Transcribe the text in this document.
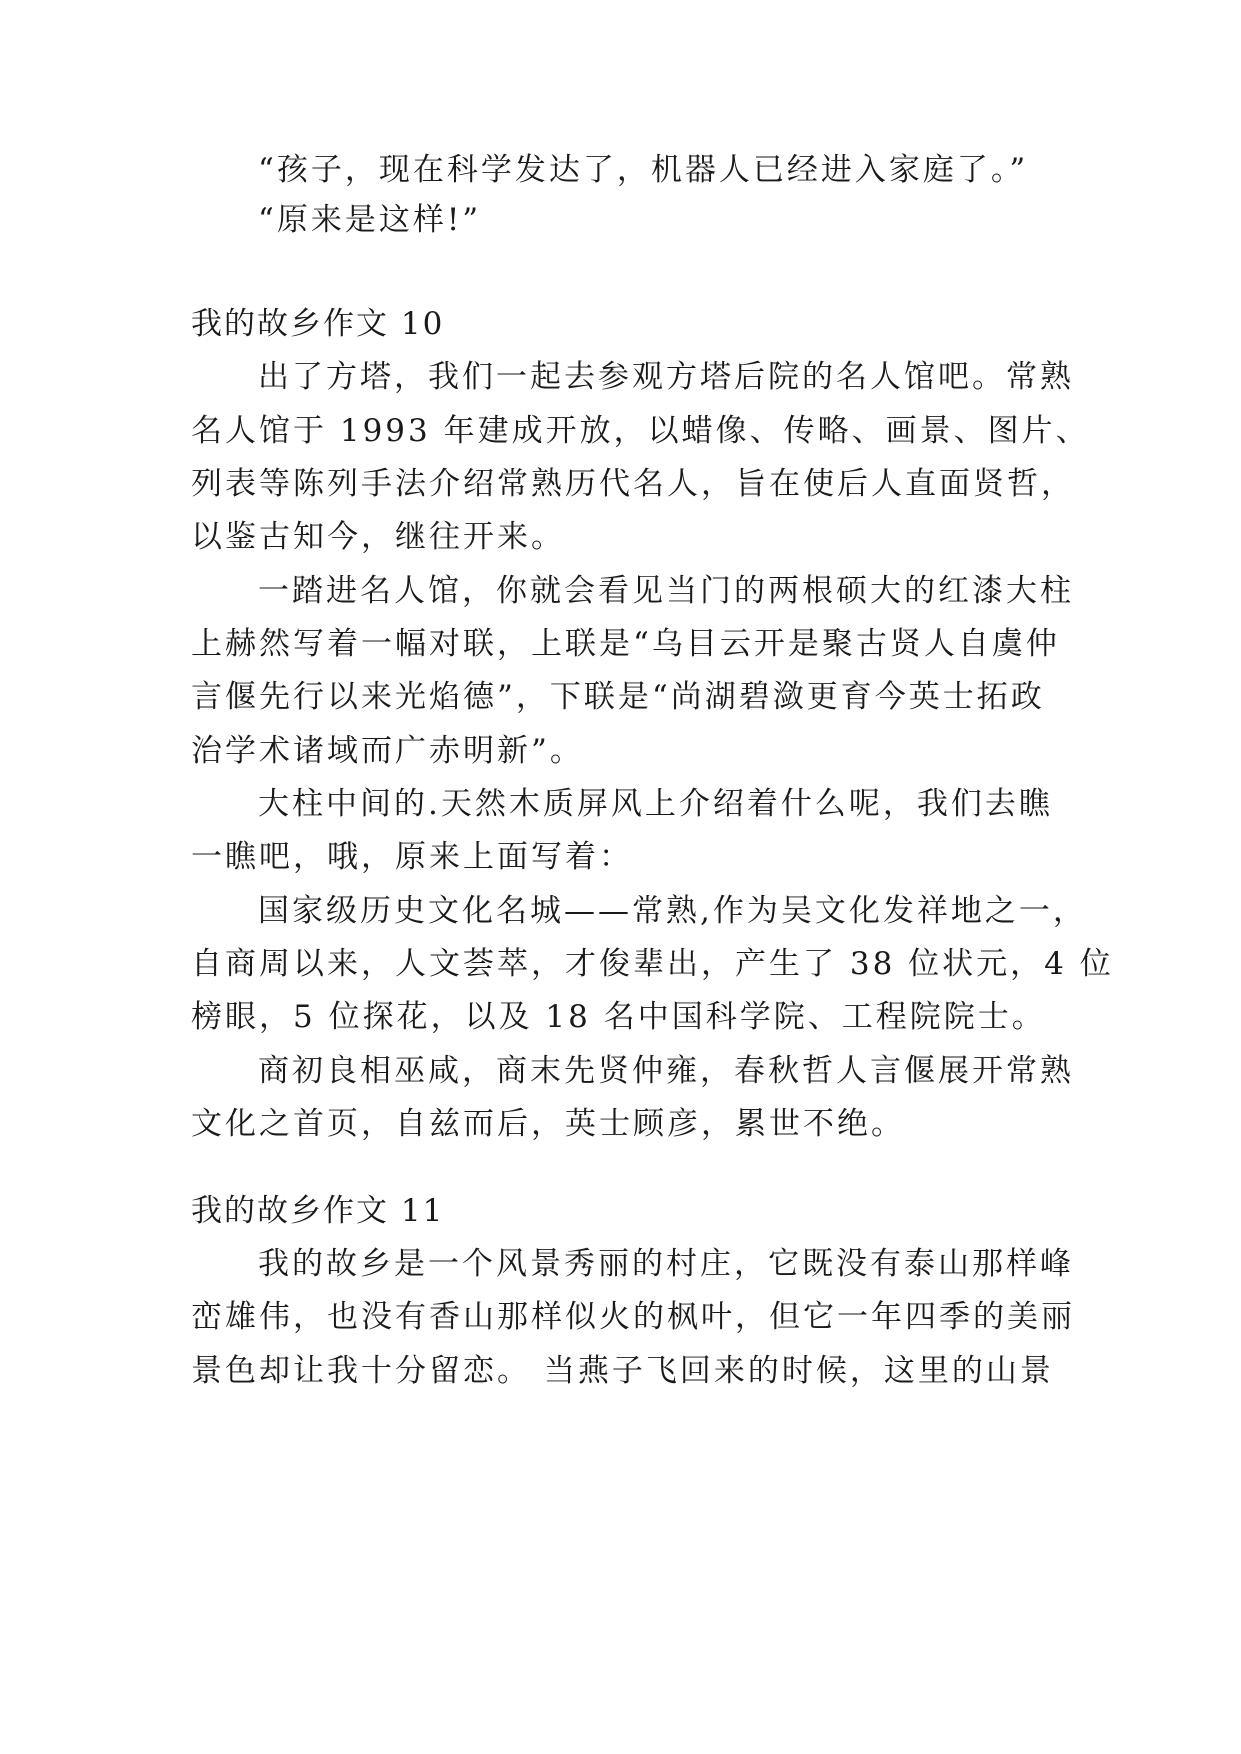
“孩子，现在科学发达了，机器人已经进入家庭了。”
“原来是这样!”
我的故乡作文 10
出了方塔，我们一起去参观方塔后院的名人馆吧。常熟
名人馆于 1993 年建成开放，以蜡像、传略、画景、图片、
列表等陈列手法介绍常熟历代名人，旨在使后人直面贤哲，
以鉴古知今，继往开来。
一踏进名人馆，你就会看见当门的两根硕大的红漆大柱
上赫然写着一幅对联，上联是“乌目云开是聚古贤人自虞仲
言偃先行以来光焰德”，下联是“尚湖碧潋更育今英士拓政
治学术诸域而广赤明新”。
大柱中间的.天然木质屏风上介绍着什么呢，我们去瞧
一瞧吧，哦，原来上面写着：
国家级历史文化名城——常熟,作为吴文化发祥地之一，
自商周以来，人文荟萃，才俊辈出，产生了 38 位状元，4 位
榜眼，5 位探花，以及 18 名中国科学院、工程院院士。
商初良相巫咸，商末先贤仲雍，春秋哲人言偃展开常熟
文化之首页，自兹而后，英士顾彦，累世不绝。
我的故乡作文 11
我的故乡是一个风景秀丽的村庄，它既没有泰山那样峰
峦雄伟，也没有香山那样似火的枫叶，但它一年四季的美丽
景色却让我十分留恋。 当燕子飞回来的时候，这里的山景
